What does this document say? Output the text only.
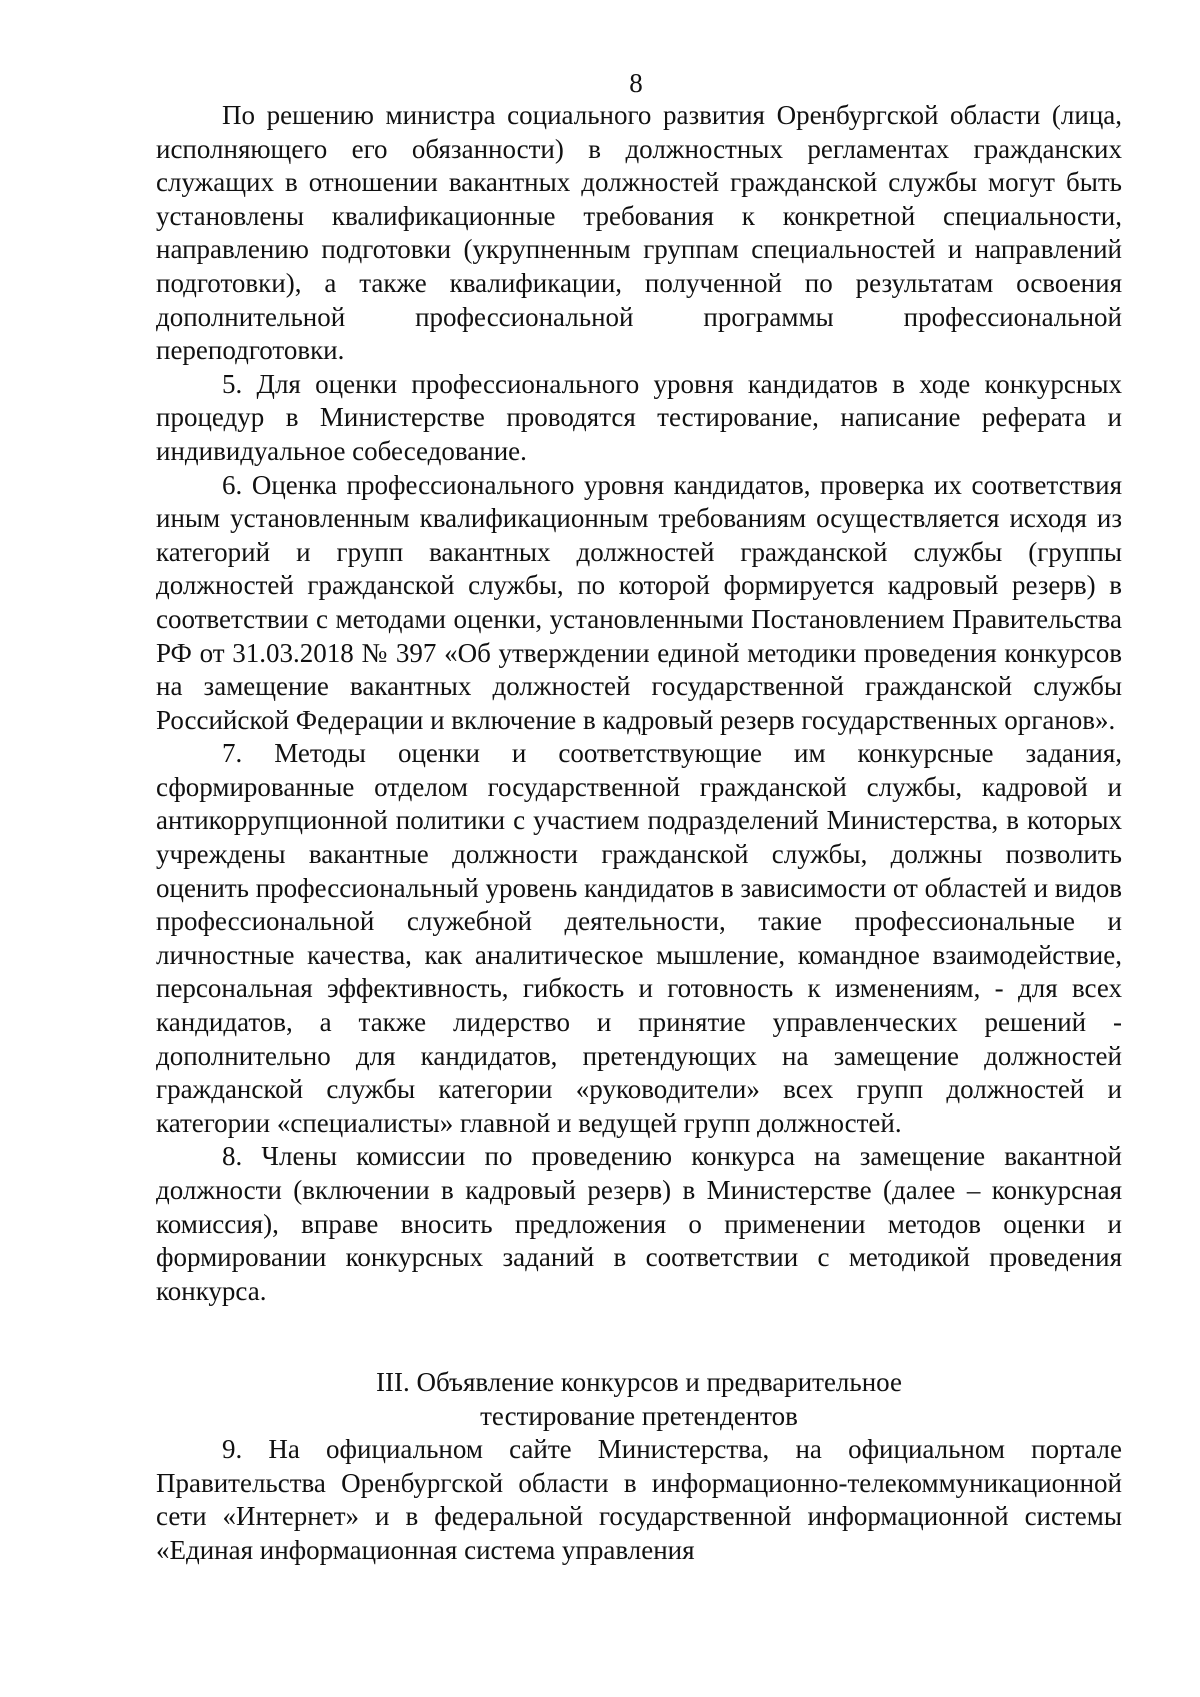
8

По решению министра социального развития Оренбургской области (лица, исполняющего его обязанности) в должностных регламентах гражданских служащих в отношении вакантных должностей гражданской службы могут быть установлены квалификационные требования к конкретной специальности, направлению подготовки (укрупненным группам специальностей и направлений подготовки), а также квалификации, полученной по результатам освоения дополнительной профессиональной программы профессиональной переподготовки.

5. Для оценки профессионального уровня кандидатов в ходе конкурсных процедур в Министерстве проводятся тестирование, написание реферата и индивидуальное собеседование.

6. Оценка профессионального уровня кандидатов, проверка их соответствия иным установленным квалификационным требованиям осуществляется исходя из категорий и групп вакантных должностей гражданской службы (группы должностей гражданской службы, по которой формируется кадровый резерв) в соответствии с методами оценки, установленными Постановлением Правительства РФ от 31.03.2018 № 397 «Об утверждении единой методики проведения конкурсов на замещение вакантных должностей государственной гражданской службы Российской Федерации и включение в кадровый резерв государственных органов».

7. Методы оценки и соответствующие им конкурсные задания, сформированные отделом государственной гражданской службы, кадровой и антикоррупционной политики с участием подразделений Министерства, в которых учреждены вакантные должности гражданской службы, должны позволить оценить профессиональный уровень кандидатов в зависимости от областей и видов профессиональной служебной деятельности, такие профессиональные и личностные качества, как аналитическое мышление, командное взаимодействие, персональная эффективность, гибкость и готовность к изменениям, - для всех кандидатов, а также лидерство и принятие управленческих решений - дополнительно для кандидатов, претендующих на замещение должностей гражданской службы категории «руководители» всех групп должностей и категории «специалисты» главной и ведущей групп должностей.

8. Члены комиссии по проведению конкурса на замещение вакантной должности (включении в кадровый резерв) в Министерстве (далее – конкурсная комиссия), вправе вносить предложения о применении методов оценки и формировании конкурсных заданий в соответствии с методикой проведения конкурса.

III. Объявление конкурсов и предварительное
тестирование претендентов

9. На официальном сайте Министерства, на официальном портале Правительства Оренбургской области в информационно-телекоммуникационной сети «Интернет» и в федеральной государственной информационной системы «Единая информационная система управления
